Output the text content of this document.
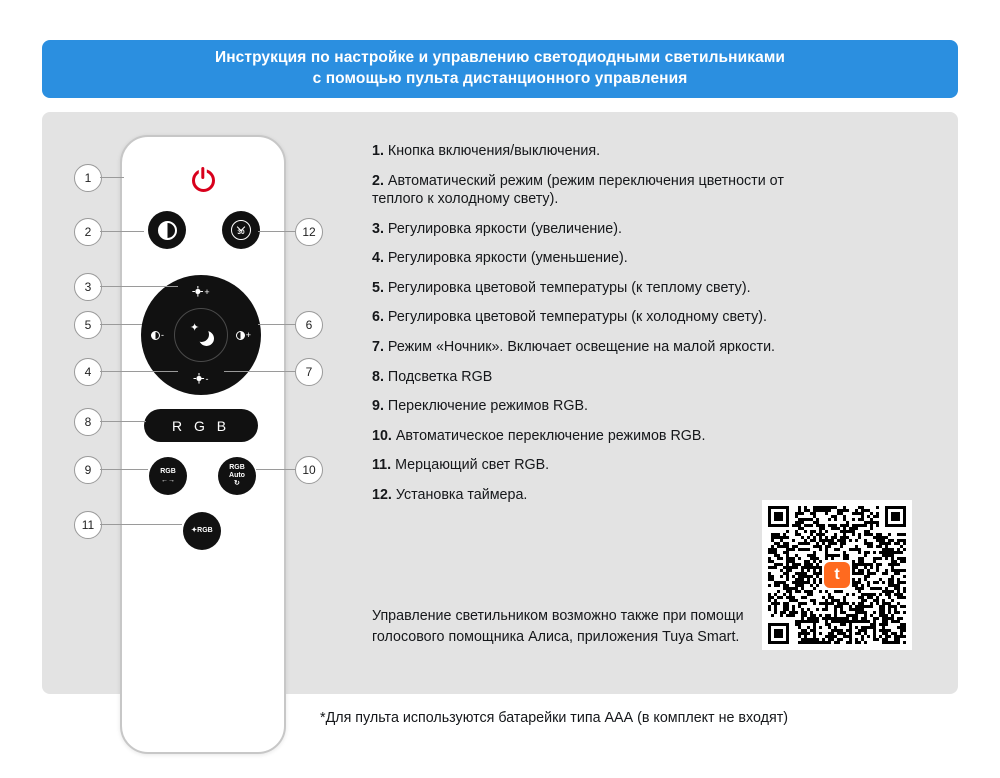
Инструкция по настройке и управлению светодиодными светильниками
с помощью пульта дистанционного управления
30
+
-
-	+
✦
R G B
RGB
←→
RGB
Auto
↻
✦RGB
1
2
3
5
4
8
9
11
12
6
7
10
1. Кнопка включения/выключения.
2. Автоматический режим (режим переключения цветности от теплого к холодному свету).
3. Регулировка яркости (увеличение).
4. Регулировка яркости (уменьшение).
5. Регулировка цветовой температуры (к теплому свету).
6. Регулировка цветовой температуры (к холодному свету).
7. Режим «Ночник». Включает освещение на малой яркости.
8. Подсветка RGB
9. Переключение режимов RGB.
10. Автоматическое переключение режимов RGB.
11. Мерцающий свет RGB.
12. Установка таймера.
Управление светильником возможно также при помощи голосового помощника Алиса, приложения Tuya Smart.
*Для пульта используются батарейки типа ААА (в комплект не входят)
t
